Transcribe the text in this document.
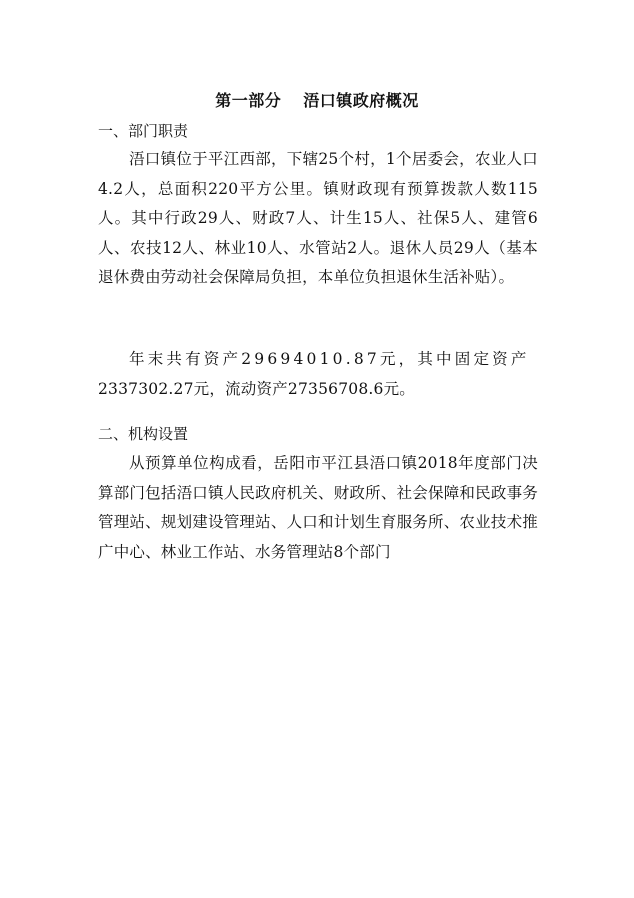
第一部分 浯口镇政府概况
一、部门职责
浯口镇位于平江西部，下辖25个村，1个居委会，农业人口4.2人，总面积220平方公里。镇财政现有预算拨款人数115人。其中行政29人、财政7人、计生15人、社保5人、建管6人、农技12人、林业10人、水管站2人。退休人员29人（基本退休费由劳动社会保障局负担，本单位负担退休生活补贴）。
年末共有资产29694010.87元，其中固定资产
2337302.27元，流动资产27356708.6元。
二、机构设置
从预算单位构成看，岳阳市平江县浯口镇2018年度部门决算部门包括浯口镇人民政府机关、财政所、社会保障和民政事务管理站、规划建设管理站、人口和计划生育服务所、农业技术推广中心、林业工作站、水务管理站8个部门
